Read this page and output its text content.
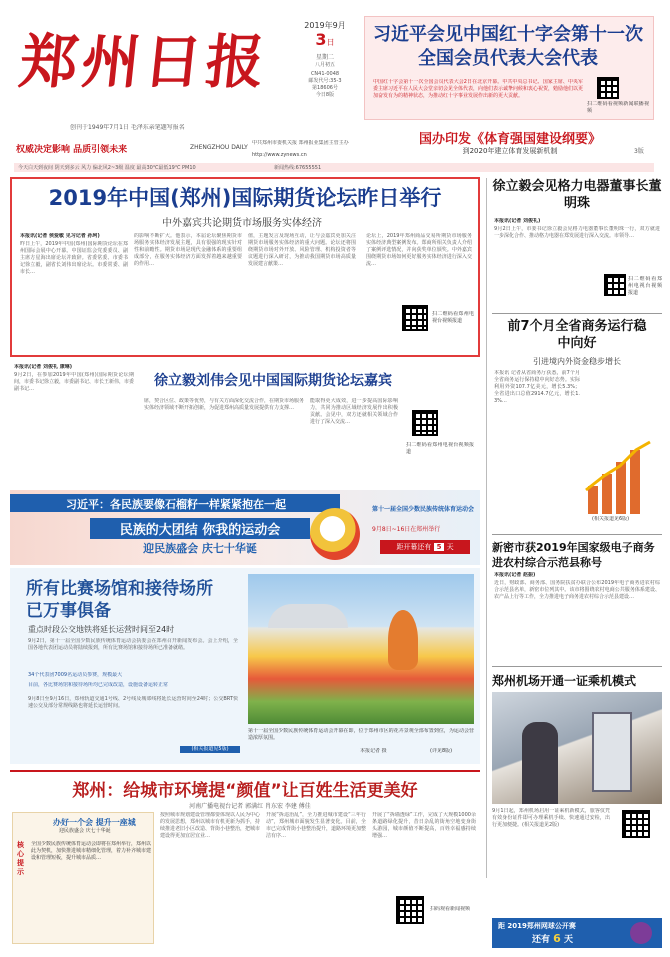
郑州日报
创刊于1949年7月1日 毛泽东亲笔题写报名
2019年9月
3日
星期二
八月初五
CN41-0048
邮发代号:35-3
第18606号
今日8版
习近平会见中国红十字会第十一次全国会员代表大会代表
中国红十字会第十一次全国会员代表大会2日在北京开幕。中共中央总书记、国家主席、中央军委主席习近平在人民大会堂亲切会见全体代表，向他们表示诚挚问候和衷心祝贺，勉励他们以更加奋发有为的精神状态，为推动红十字事业发展作出新的更大贡献。
扫二维码看视频新闻联播视频
国办印发《体育强国建设纲要》
到2020年建立体育发展新机制	3版
权威决定影响 品质引领未来	ZHENGZHOU DAILY
中共郑州市委机关报 郑州报业集团主管主办
http://www.zynews.cn
今天白天到夜间 阴天到多云 风力 偏北风2~3级 温度 最高30℃最低19℃ PM10	新闻热线:67655551
2019年中国(郑州)国际期货论坛昨日举行
中外嘉宾共论期货市场服务实体经济
本报讯(记者 侯爱敏 见习记者 孙珂)
昨日上午，2019年中国(郑州)国际期货论坛在郑州国际会展中心开幕。中国证监会党委委员、副主席方星海出席论坛并致辞。省委常委、市委书记徐立毅，副省长刘伟出席论坛。市委常委、副市长…
的影响不断扩大。他表示，本届论坛聚焦期货市场服务实体经济发展主题，具有很强的现实针对性和前瞻性。期货市场是现代金融体系的重要组成部分，在服务实体经济方面发挥着越来越重要的作用…
值，主题发言及现场互动，让与会嘉宾更加关注期货市场服务实体经济的重大问题。论坛还将围绕期货市场对外开放、风险管理、机构投资者等议题进行深入研讨，为推动我国期货市场高质量发展建言献策…
论坛上，2019年郑州商品交易所期货市场服务实体经济典型案例发布。郑商所相关负责人介绍了案例评选情况，并向获奖单位颁奖。中外嘉宾围绕期货市场如何更好服务实体经济进行深入交流…
扫二维码看郑州电视台视频报道
本报讯(记者 刘俊礼 康琳)
9月2日，在参加2019年中国(郑州)国际期货论坛期间，市委书记徐立毅，市委副书记、市长王新伟，市委副书记…	徐立毅刘伟会见中国国际期货论坛嘉宾
席，契合区位、政策等优势，与有关方面深化交流合作，在期货市场服务实体经济领域不断开拓创新，为促进郑州高质量发展提供有力支撑…
能取得更大成效，进一步提高国际影响力，共同为推动区域经济发展作出积极贡献。会见中，双方还就相关领域合作进行了深入交流…
扫二维码看郑州电视台视频报道
徐立毅会见格力电器董事长董明珠
本报讯(记者 刘俊礼)
9月2日上午，市委书记徐立毅会见格力电器董事长董明珠一行，双方就进一步深化合作、推动格力电器在郑发展进行深入交流。市领导…
扫二维码看郑州电视台视频报道
前7个月全省商务运行稳中向好
引进境内外资金稳步增长
本报讯 记者从省商务厅获悉，前7个月全省商务运行保持稳中向好态势。实际利用外资107.7亿美元，增长5.3%；全省进出口总值2914.7亿元，增长1.3%…
(相关报道见6版)
新密市获2019年国家级电子商务进农村综合示范县称号
本报讯(记者 赵振)
近日，财政部、商务部、国务院扶贫办联合公布2019年电子商务进农村综合示范县名单，新密市位列其中。该市将围绕农村电商公共服务体系建设、农产品上行等工作，全力推进电子商务进农村综合示范县建设…
郑州机场开通一证乘机模式
9月1日起，郑州机场启用一证乘机新模式，旅客仅凭有效身份证件即可办理乘机手续、快速通过安检，出行更加便捷。(相关报道见2版)
习近平：各民族要像石榴籽一样紧紧抱在一起
民族的大团结 你我的运动会
迎民族盛会 庆七十华诞
第十一届全国少数民族传统体育运动会
9月8日~16日在郑州举行
距开幕还有 5 天
所有比赛场馆和接待场所已万事俱备
重点时段公交地铁将延长运营时间至24时
9月2日，第十一届全国少数民族传统体育运动会执委会在郑州召开新闻发布会。会上介绍，全国各地代表团运动员将陆续报到，所有比赛场馆和接待场所已准备就绪。
34个代表团7009名运动员参赛，规模最大
目前，各比赛场馆和接待场所均已完成改造，设施设备运转正常
9月8日至9月16日，郑州轨道交通1号线、2号线及城郊线将延长运营时间至24时；公交BRT快速公交及部分常规线路也将延长运营时间。
(相关报道见5版)
第十一届全国少数民族传统体育运动会开幕在即，位于郑州市区的花卉景观全部布置到位，为运动会营造浓厚氛围。
本报记者 摄	(详见8版)
郑州：给城市环境提“颜值”让百姓生活更美好
河南广播电视台记者 郭满红 肖东宏 李建 傅佳
办好一个会 提升一座城
迎民族盛会 庆七十华诞
核心提示
全国少数民族传统体育运动会即将在郑州举行，郑州以此为契机，加快推进城市精细化管理，着力补齐城市建设和管理短板，提升城市品质…
按照城市规划建设管理都要体现以人民为中心的发展思想，郑州以城市有机更新为抓手，持续推进老旧小区改造、背街小巷整治，把城市建设得更加宜居宜业…
开展“拆违治乱”，全力推进城市建设“三年行动”，郑州城市面貌发生显著变化。目前，全市已完成背街小巷整治提升，道路环境更加整洁有序…
开展了“拆墙透绿”工作，完成了大规模1000余条道路绿化提升，昔日杂乱的街角空地变身街头游园，城市颜值不断提高，百姓幸福感持续增强…
扫码观看新闻视频
距 2019郑州网球公开赛
还有 6 天
